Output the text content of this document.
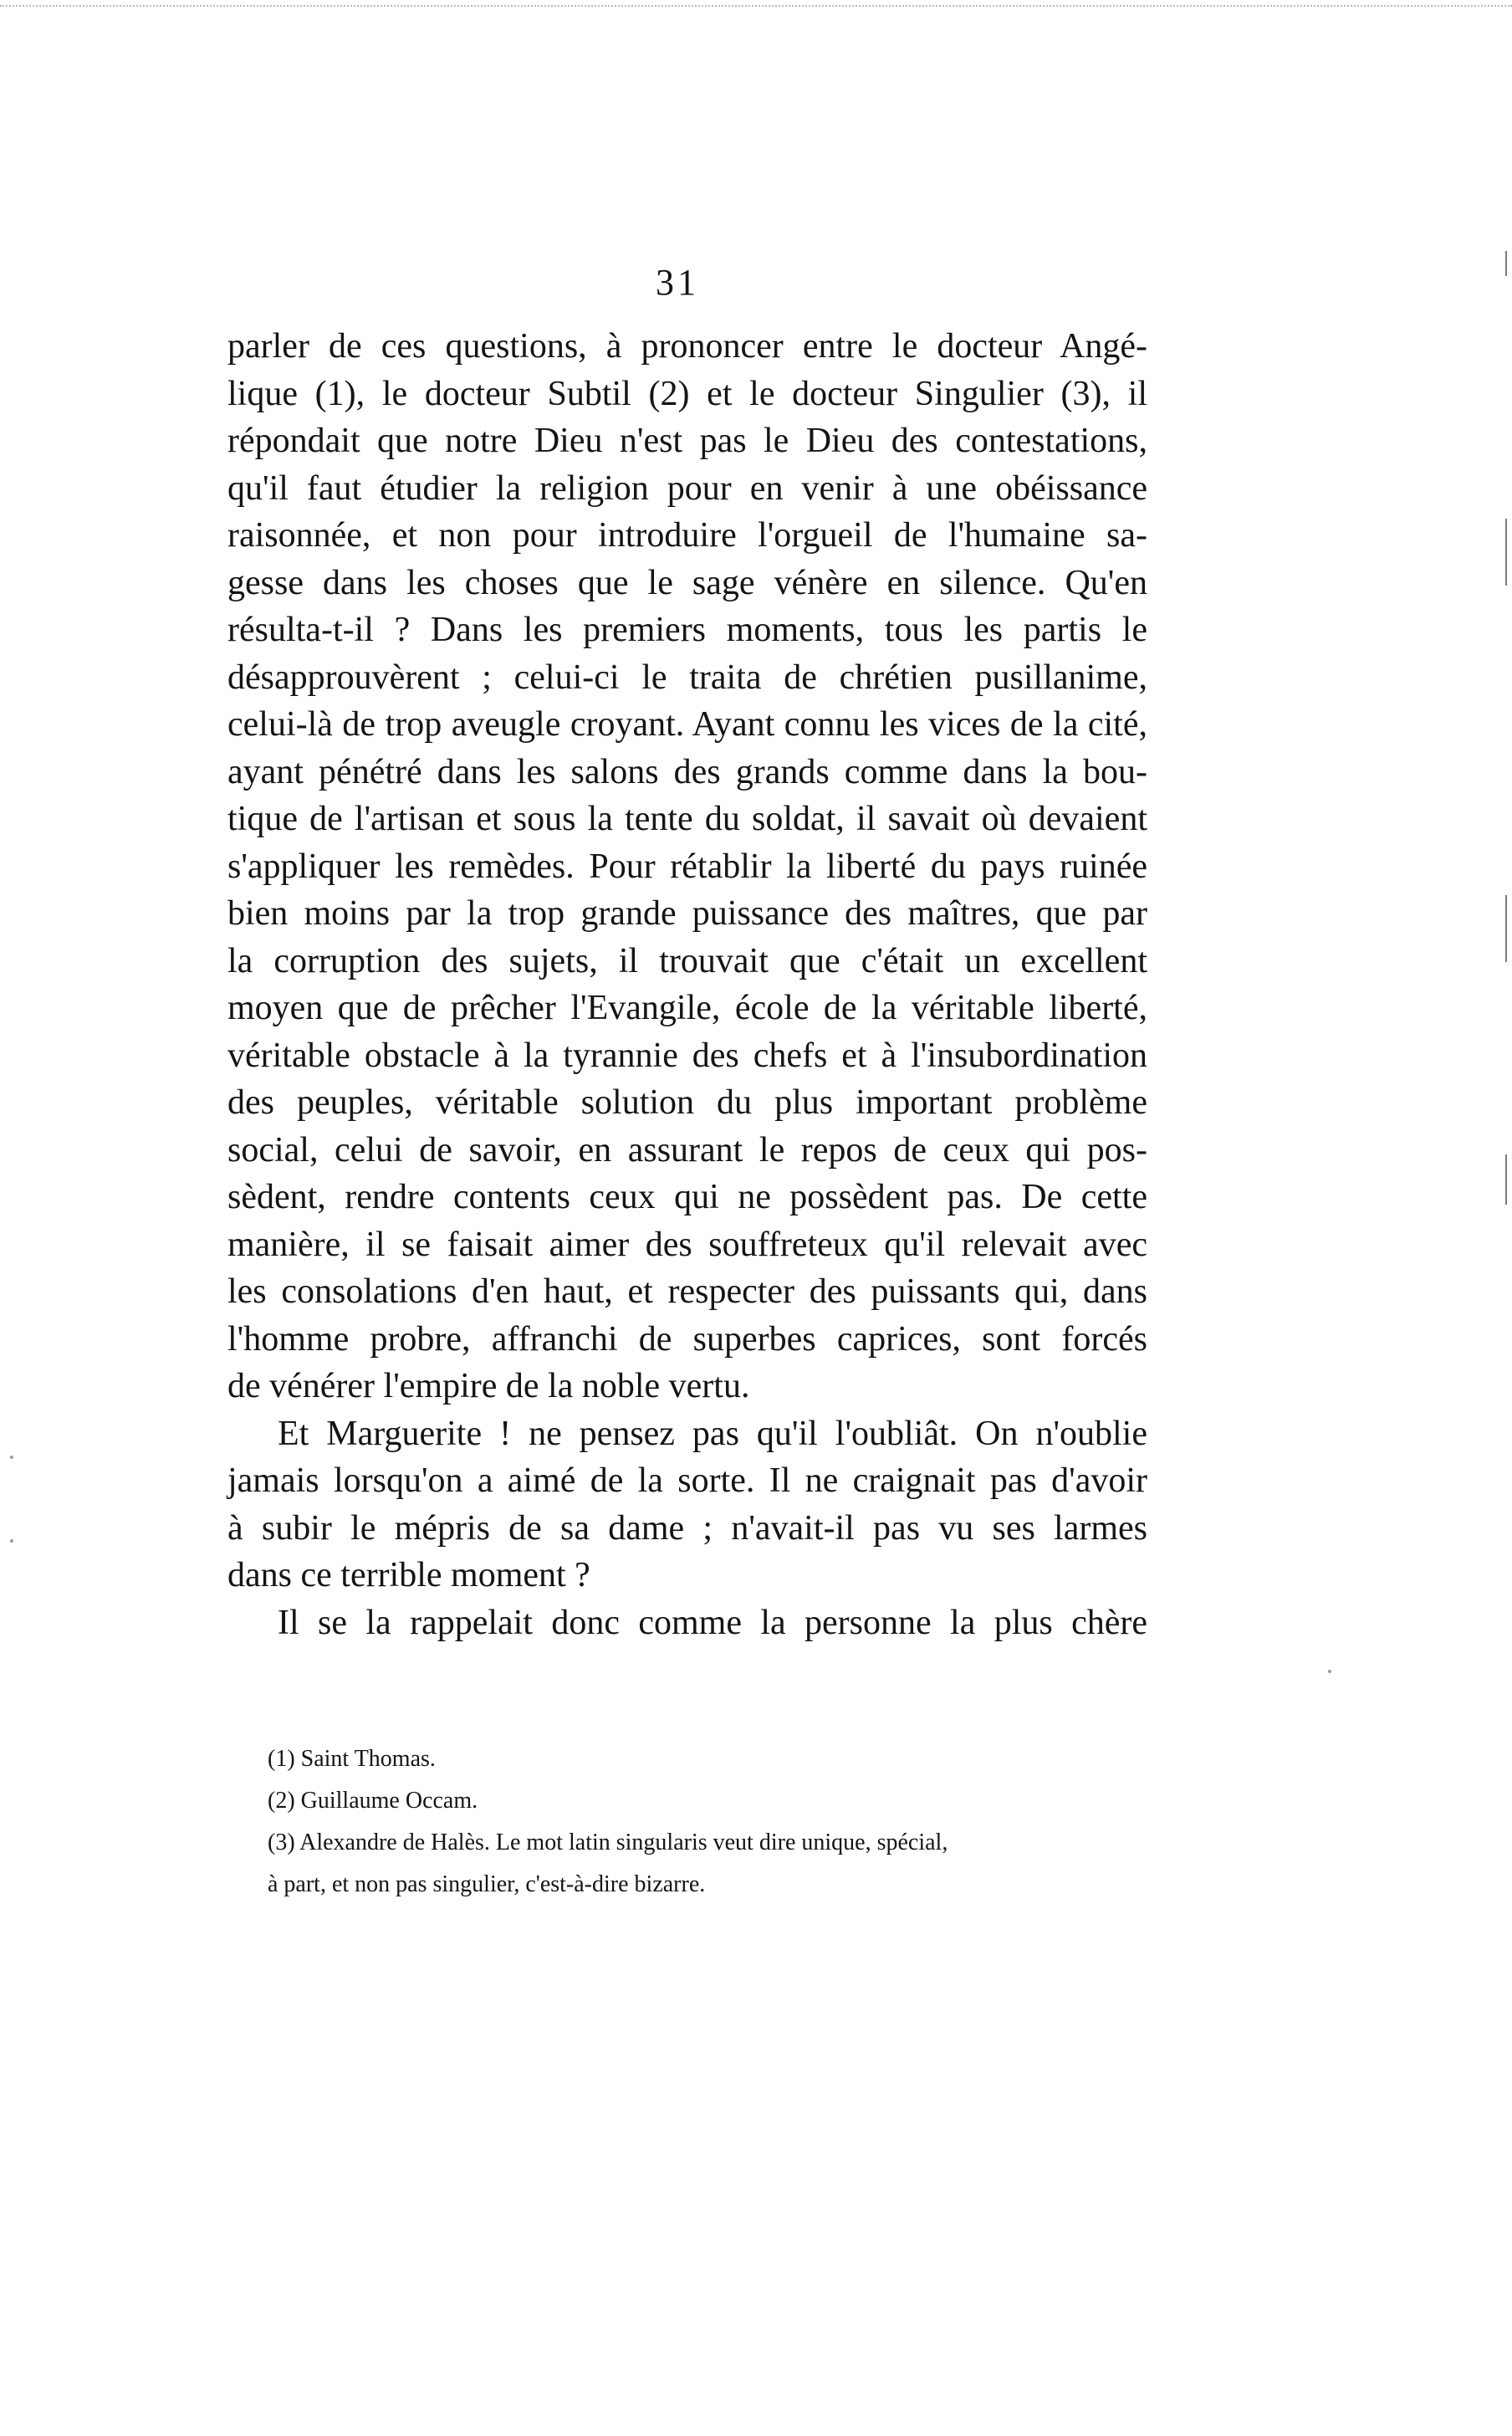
31
parler de ces questions, à prononcer entre le docteur Angé-
lique (1), le docteur Subtil (2) et le docteur Singulier (3), il
répondait que notre Dieu n'est pas le Dieu des contestations,
qu'il faut étudier la religion pour en venir à une obéissance
raisonnée, et non pour introduire l'orgueil de l'humaine sa-
gesse dans les choses que le sage vénère en silence. Qu'en
résulta-t-il ? Dans les premiers moments, tous les partis le
désapprouvèrent ; celui-ci le traita de chrétien pusillanime,
celui-là de trop aveugle croyant. Ayant connu les vices de la cité,
ayant pénétré dans les salons des grands comme dans la bou-
tique de l'artisan et sous la tente du soldat, il savait où devaient
s'appliquer les remèdes. Pour rétablir la liberté du pays ruinée
bien moins par la trop grande puissance des maîtres, que par
la corruption des sujets, il trouvait que c'était un excellent
moyen que de prêcher l'Evangile, école de la véritable liberté,
véritable obstacle à la tyrannie des chefs et à l'insubordination
des peuples, véritable solution du plus important problème
social, celui de savoir, en assurant le repos de ceux qui pos-
sèdent, rendre contents ceux qui ne possèdent pas. De cette
manière, il se faisait aimer des souffreteux qu'il relevait avec
les consolations d'en haut, et respecter des puissants qui, dans
l'homme probre, affranchi de superbes caprices, sont forcés
de vénérer l'empire de la noble vertu.
Et Marguerite ! ne pensez pas qu'il l'oubliât. On n'oublie
jamais lorsqu'on a aimé de la sorte. Il ne craignait pas d'avoir
à subir le mépris de sa dame ; n'avait-il pas vu ses larmes
dans ce terrible moment ?
Il se la rappelait donc comme la personne la plus chère
(1) Saint Thomas.
(2) Guillaume Occam.
(3) Alexandre de Halès. Le mot latin singularis veut dire unique, spécial,
à part, et non pas singulier, c'est-à-dire bizarre.
